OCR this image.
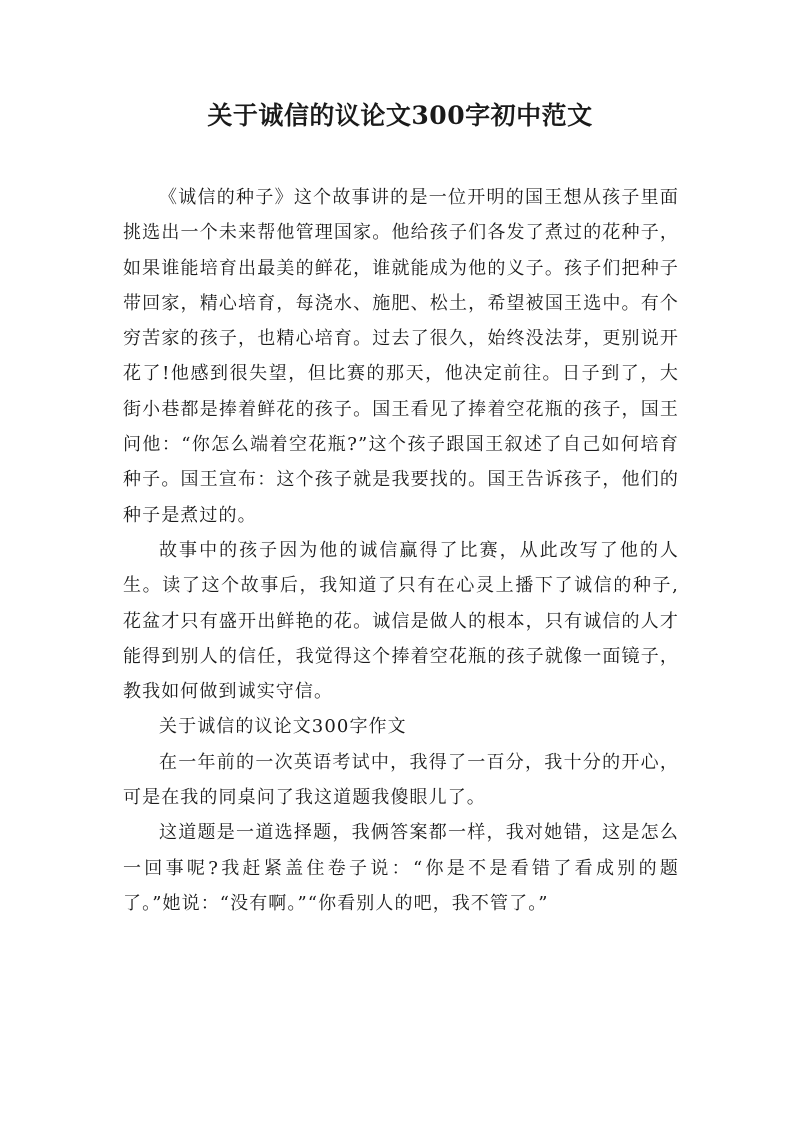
关于诚信的议论文300字初中范文

《诚信的种子》这个故事讲的是一位开明的国王想从孩子里面挑选出一个未来帮他管理国家。他给孩子们各发了煮过的花种子，如果谁能培育出最美的鲜花，谁就能成为他的义子。孩子们把种子带回家，精心培育，每浇水、施肥、松土，希望被国王选中。有个穷苦家的孩子，也精心培育。过去了很久，始终没法芽，更别说开花了!他感到很失望，但比赛的那天，他决定前往。日子到了，大街小巷都是捧着鲜花的孩子。国王看见了捧着空花瓶的孩子，国王问他：“你怎么端着空花瓶?”这个孩子跟国王叙述了自己如何培育种子。国王宣布：这个孩子就是我要找的。国王告诉孩子，他们的种子是煮过的。

故事中的孩子因为他的诚信赢得了比赛，从此改写了他的人生。读了这个故事后，我知道了只有在心灵上播下了诚信的种子,花盆才只有盛开出鲜艳的花。诚信是做人的根本，只有诚信的人才能得到别人的信任，我觉得这个捧着空花瓶的孩子就像一面镜子，教我如何做到诚实守信。

关于诚信的议论文300字作文

在一年前的一次英语考试中，我得了一百分，我十分的开心，可是在我的同桌问了我这道题我傻眼儿了。

这道题是一道选择题，我俩答案都一样，我对她错，这是怎么一回事呢?我赶紧盖住卷子说：“你是不是看错了看成别的题了。”她说：“没有啊。”“你看别人的吧，我不管了。”
